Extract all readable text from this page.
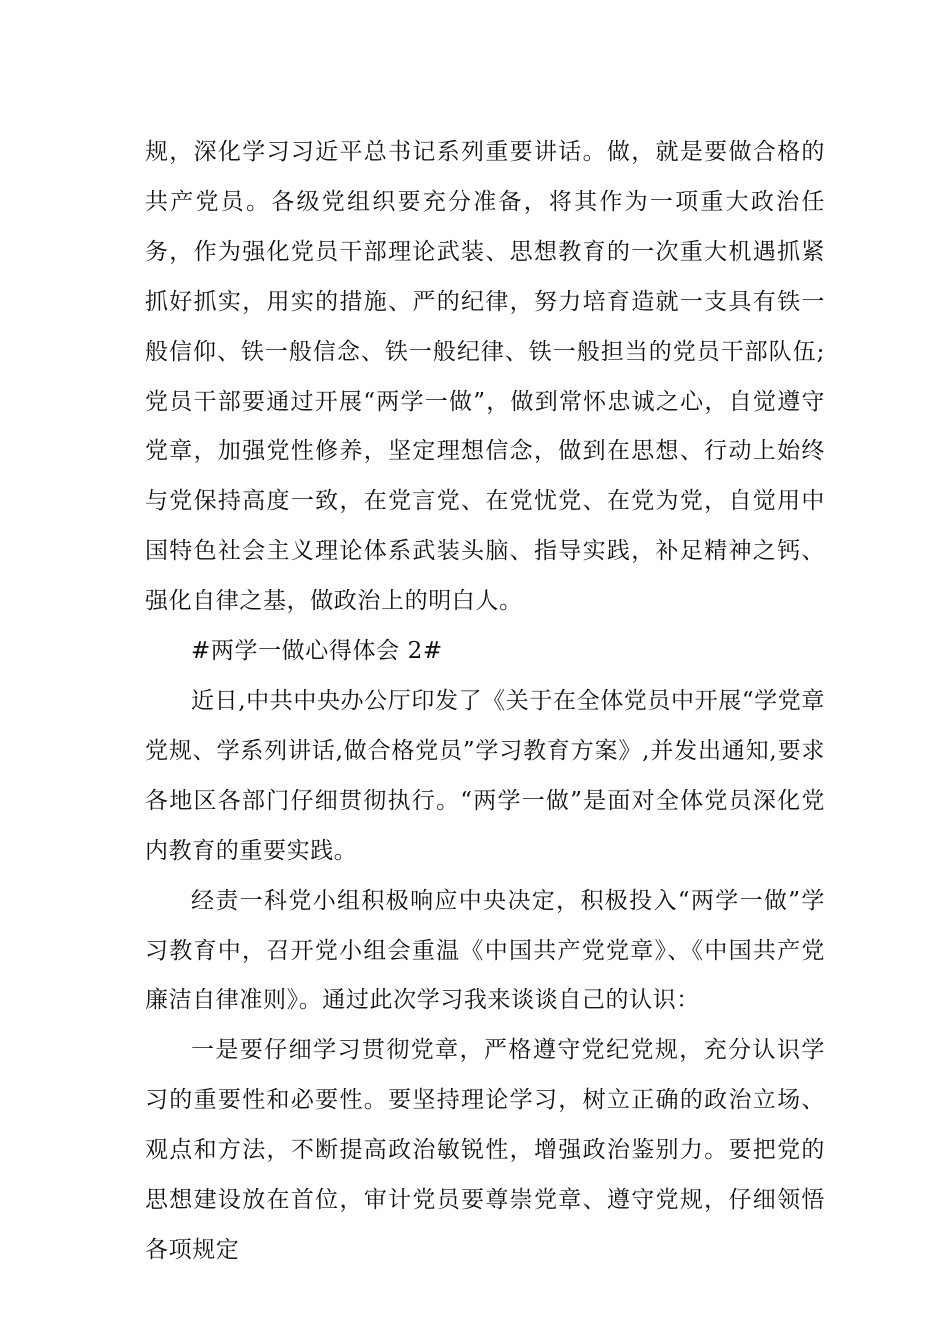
规，深化学习习近平总书记系列重要讲话。做，就是要做合格的共产党员。各级党组织要充分准备，将其作为一项重大政治任务，作为强化党员干部理论武装、思想教育的一次重大机遇抓紧抓好抓实，用实的措施、严的纪律，努力培育造就一支具有铁一般信仰、铁一般信念、铁一般纪律、铁一般担当的党员干部队伍;党员干部要通过开展“两学一做”，做到常怀忠诚之心，自觉遵守党章，加强党性修养，坚定理想信念，做到在思想、行动上始终与党保持高度一致，在党言党、在党忧党、在党为党，自觉用中国特色社会主义理论体系武装头脑、指导实践，补足精神之钙、强化自律之基，做政治上的明白人。

#两学一做心得体会 2#

近日,中共中央办公厅印发了《关于在全体党员中开展“学党章党规、学系列讲话,做合格党员”学习教育方案》,并发出通知,要求各地区各部门仔细贯彻执行。“两学一做”是面对全体党员深化党内教育的重要实践。

经责一科党小组积极响应中央决定，积极投入“两学一做”学习教育中，召开党小组会重温《中国共产党党章》、《中国共产党廉洁自律准则》。通过此次学习我来谈谈自己的认识：

一是要仔细学习贯彻党章，严格遵守党纪党规，充分认识学习的重要性和必要性。要坚持理论学习，树立正确的政治立场、观点和方法，不断提高政治敏锐性，增强政治鉴别力。要把党的思想建设放在首位，审计党员要尊崇党章、遵守党规，仔细领悟各项规定
